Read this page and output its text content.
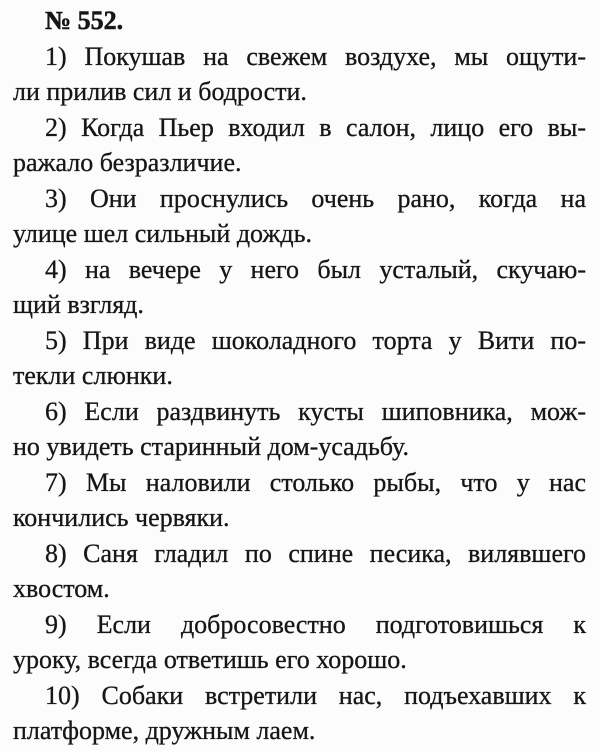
№ 552.
1) Покушав на свежем воздухе, мы ощути-
ли прилив сил и бодрости.
2) Когда Пьер входил в салон, лицо его вы-
ражало безразличие.
3) Они проснулись очень рано, когда на
улице шел сильный дождь.
4) на вечере у него был усталый, скучаю-
щий взгляд.
5) При виде шоколадного торта у Вити по-
текли слюнки.
6) Если раздвинуть кусты шиповника, мож-
но увидеть старинный дом-усадьбу.
7) Мы наловили столько рыбы, что у нас
кончились червяки.
8) Саня гладил по спине песика, вилявшего
хвостом.
9) Если добросовестно подготовишься к
уроку, всегда ответишь его хорошо.
10) Собаки встретили нас, подъехавших к
платформе, дружным лаем.
